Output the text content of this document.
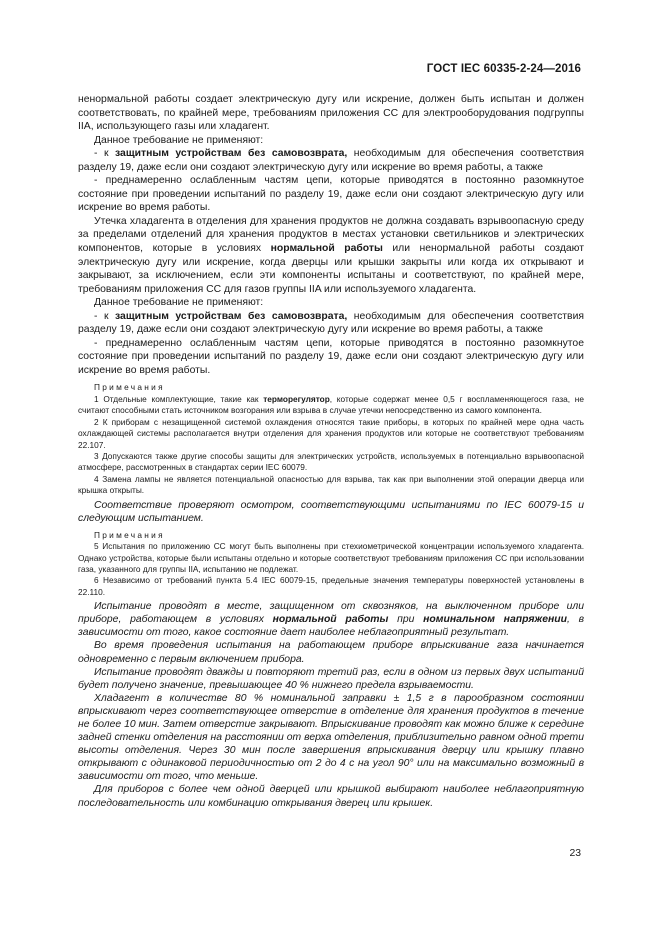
ГОСТ IEC 60335-2-24—2016

ненормальной работы создает электрическую дугу или искрение, должен быть испытан и должен соответствовать, по крайней мере, требованиям приложения СС для электрооборудования подгруппы IIA, использующего газы или хладагент.

Данное требование не применяют:

- к защитным устройствам без самовозврата, необходимым для обеспечения соответствия разделу 19, даже если они создают электрическую дугу или искрение во время работы, а также

- преднамеренно ослабленным частям цепи, которые приводятся в постоянно разомкнутое состояние при проведении испытаний по разделу 19, даже если они создают электрическую дугу или искрение во время работы.

Утечка хладагента в отделения для хранения продуктов не должна создавать взрывоопасную среду за пределами отделений для хранения продуктов в местах установки светильников и электрических компонентов, которые в условиях нормальной работы или ненормальной работы создают электрическую дугу или искрение, когда дверцы или крышки закрыты или когда их открывают и закрывают, за исключением, если эти компоненты испытаны и соответствуют, по крайней мере, требованиям приложения СС для газов группы IIA или используемого хладагента.

Данное требование не применяют:

- к защитным устройствам без самовозврата, необходимым для обеспечения соответствия разделу 19, даже если они создают электрическую дугу или искрение во время работы, а также

- преднамеренно ослабленным частям цепи, которые приводятся в постоянно разомкнутое состояние при проведении испытаний по разделу 19, даже если они создают электрическую дугу или искрение во время работы.

Примечания

1 Отдельные комплектующие, такие как терморегулятор, которые содержат менее 0,5 г воспламеняющегося газа, не считают способными стать источником возгорания или взрыва в случае утечки непосредственно из самого компонента.

2 К приборам с незащищенной системой охлаждения относятся такие приборы, в которых по крайней мере одна часть охлаждающей системы располагается внутри отделения для хранения продуктов или которые не соответствуют требованиям 22.107.

3 Допускаются также другие способы защиты для электрических устройств, используемых в потенциально взрывоопасной атмосфере, рассмотренных в стандартах серии IEC 60079.

4 Замена лампы не является потенциальной опасностью для взрыва, так как при выполнении этой операции дверца или крышка открыты.

Соответствие проверяют осмотром, соответствующими испытаниями по IEC 60079-15 и следующим испытанием.

Примечания

5 Испытания по приложению СС могут быть выполнены при стехиометрической концентрации используемого хладагента. Однако устройства, которые были испытаны отдельно и которые соответствуют требованиям приложения СС при использовании газа, указанного для группы IIA, испытанию не подлежат.

6 Независимо от требований пункта 5.4 IEC 60079-15, предельные значения температуры поверхностей установлены в 22.110.

Испытание проводят в месте, защищенном от сквозняков, на выключенном приборе или приборе, работающем в условиях нормальной работы при номинальном напряжении, в зависимости от того, какое состояние дает наиболее неблагоприятный результат.

Во время проведения испытания на работающем приборе впрыскивание газа начинается одновременно с первым включением прибора.

Испытание проводят дважды и повторяют третий раз, если в одном из первых двух испытаний будет получено значение, превышающее 40 % нижнего предела взрываемости.

Хладагент в количестве 80 % номинальной заправки ± 1,5 г в парообразном состоянии впрыскивают через соответствующее отверстие в отделение для хранения продуктов в течение не более 10 мин. Затем отверстие закрывают. Впрыскивание проводят как можно ближе к середине задней стенки отделения на расстоянии от верха отделения, приблизительно равном одной трети высоты отделения. Через 30 мин после завершения впрыскивания дверцу или крышку плавно открывают с одинаковой периодичностью от 2 до 4 с на угол 90° или на максимально возможный в зависимости от того, что меньше.

Для приборов с более чем одной дверцей или крышкой выбирают наиболее неблагоприятную последовательность или комбинацию открывания дверец или крышек.

23
